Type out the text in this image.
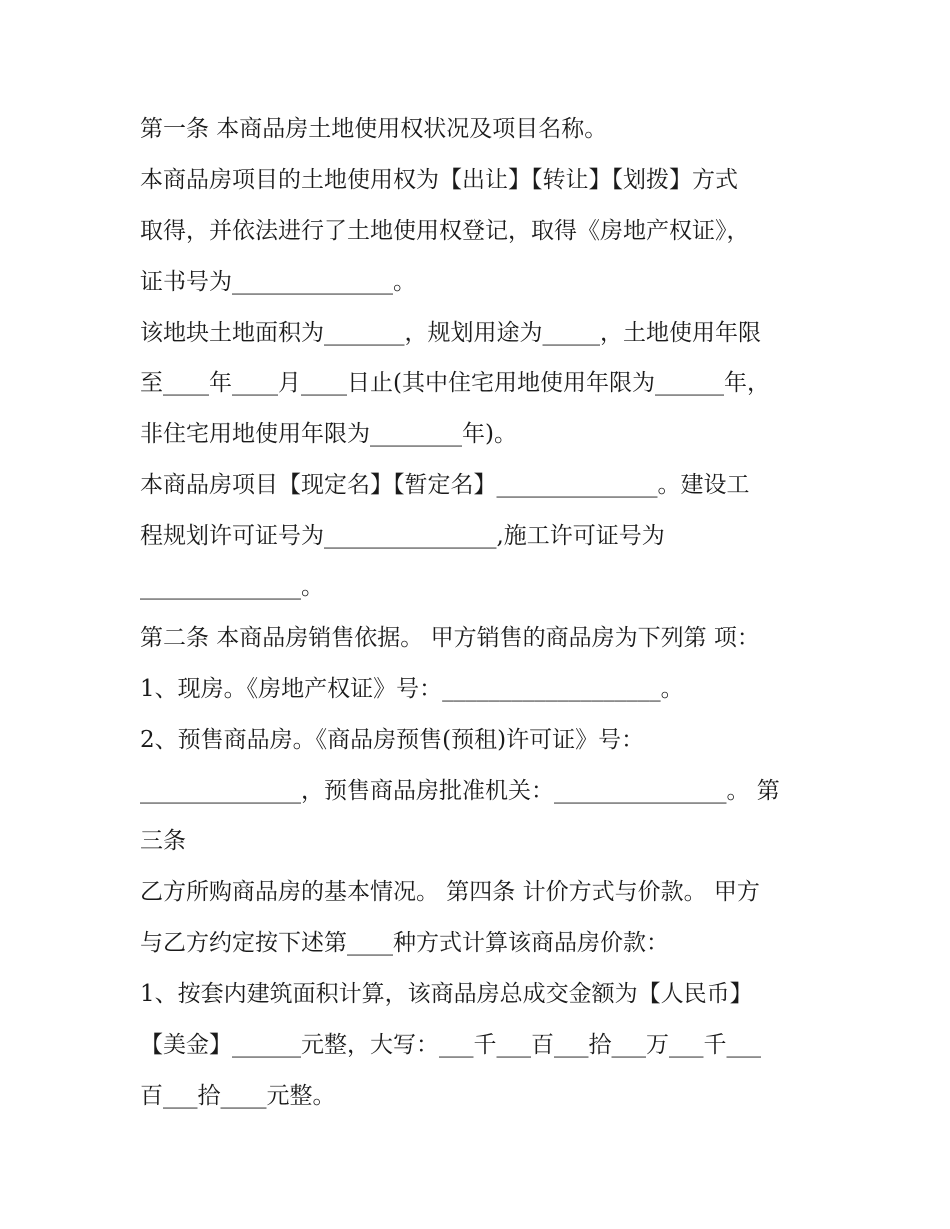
第一条 本商品房土地使用权状况及项目名称。
本商品房项目的土地使用权为【出让】【转让】【划拨】方式
取得，并依法进行了土地使用权登记，取得《房地产权证》，
证书号为______________。
该地块土地面积为_______，规划用途为_____，土地使用年限
至____年____月____日止(其中住宅用地使用年限为______年，
非住宅用地使用年限为________年)。
本商品房项目【现定名】【暂定名】______________。建设工
程规划许可证号为_______________,施工许可证号为
______________。
第二条 本商品房销售依据。 甲方销售的商品房为下列第 项：
1、现房。《房地产权证》号：___________________。
2、预售商品房。《商品房预售(预租)许可证》号：
______________，预售商品房批准机关：_______________。 第
三条
乙方所购商品房的基本情况。 第四条 计价方式与价款。 甲方
与乙方约定按下述第____种方式计算该商品房价款：
1、按套内建筑面积计算，该商品房总成交金额为【人民币】
【美金】______元整，大写：___千___百___拾___万___千___
百___拾____元整。
